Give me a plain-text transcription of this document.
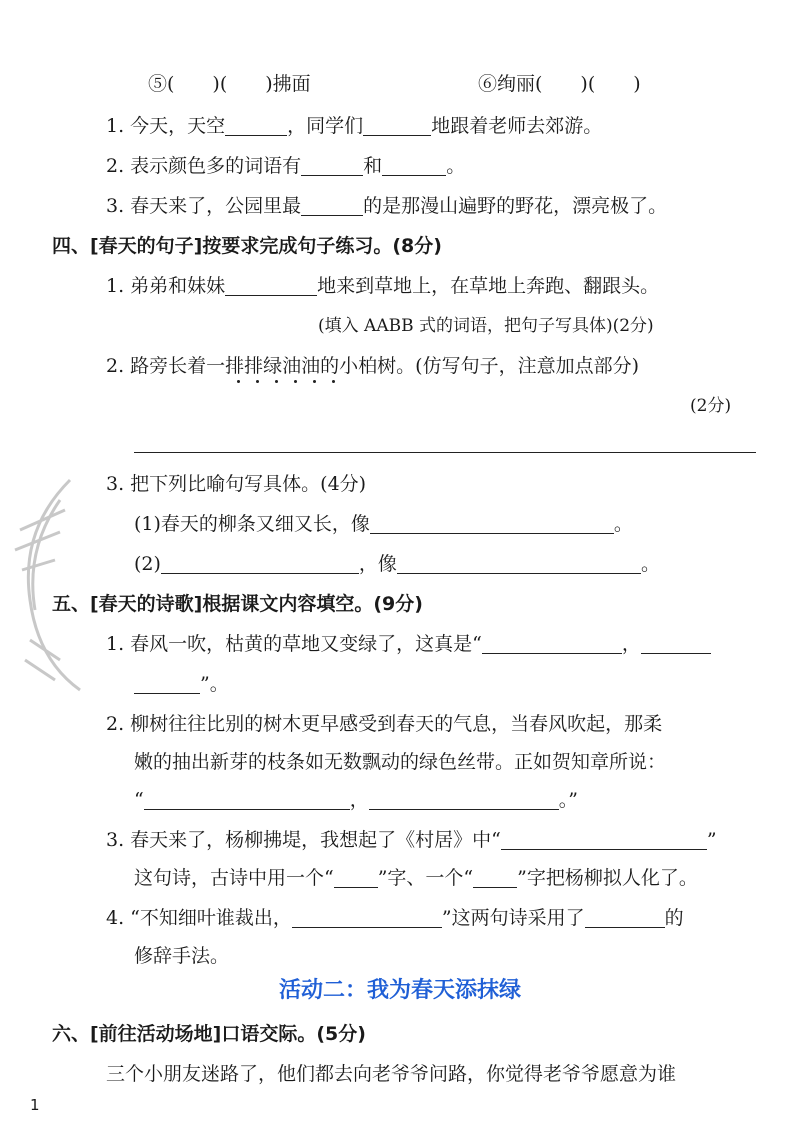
⑤(　　)(　　)拂面	⑥绚丽(　　)(　　)
1. 今天，天空	，同学们	地跟着老师去郊游。
2. 表示颜色多的词语有	和	。
3. 春天来了，公园里最	的是那漫山遍野的野花，漂亮极了。
四、[春天的句子]按要求完成句子练习。(8分)
1. 弟弟和妹妹	地来到草地上，在草地上奔跑、翻跟头。
(填入 AABB 式的词语，把句子写具体)(2分)
2. 路旁长着一排排绿油油的小柏树。(仿写句子，注意加点部分)
(2分)
3. 把下列比喻句写具体。(4分)
(1)春天的柳条又细又长，像	。
(2)	，像	。
五、[春天的诗歌]根据课文内容填空。(9分)
1. 春风一吹，枯黄的草地又变绿了，这真是“	，
”。
2. 柳树往往比别的树木更早感受到春天的气息，当春风吹起，那柔
嫩的抽出新芽的枝条如无数飘动的绿色丝带。正如贺知章所说：
“	，	。”
3. 春天来了，杨柳拂堤，我想起了《村居》中“	”
这句诗，古诗中用一个“ ”字、一个“ ”字把杨柳拟人化了。
4. “不知细叶谁裁出，	”这两句诗采用了	的
修辞手法。
活动二：我为春天添抹绿
六、[前往活动场地]口语交际。(5分)
三个小朋友迷路了，他们都去向老爷爷问路，你觉得老爷爷愿意为谁
1
